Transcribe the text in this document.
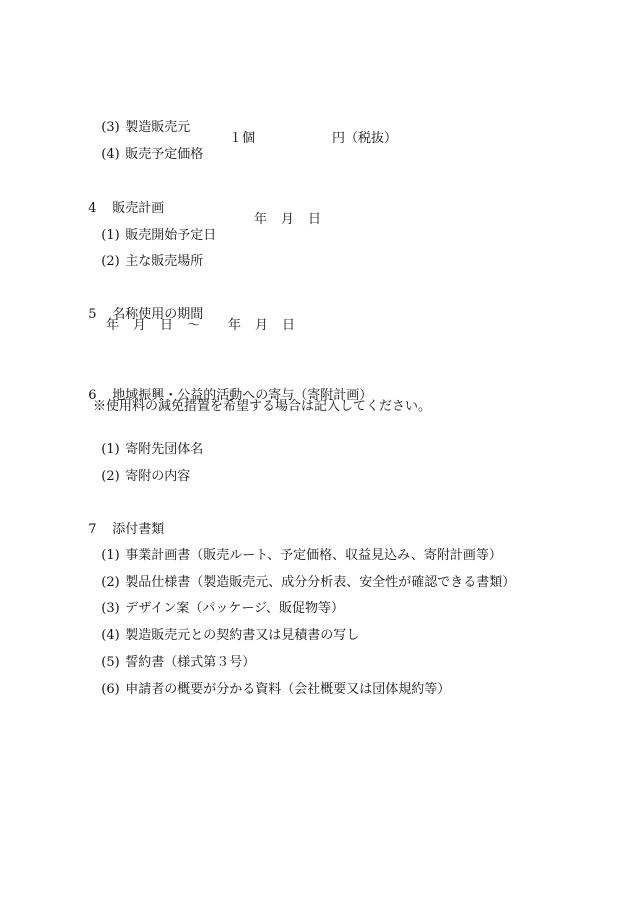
(3) 製造販売元

(4) 販売予定価格

１個	円（税抜）

4 販売計画

(1) 販売開始予定日

年 月 日

(2) 主な販売場所

5 名称使用の期間

年 月 日 〜 年 月 日

6 地域振興・公益的活動への寄与（寄附計画）

※使用料の減免措置を希望する場合は記入してください。

(1) 寄附先団体名

(2) 寄附の内容

7 添付書類

(1) 事業計画書（販売ルート、予定価格、収益見込み、寄附計画等）

(2) 製品仕様書（製造販売元、成分分析表、安全性が確認できる書類）

(3) デザイン案（パッケージ、販促物等）

(4) 製造販売元との契約書又は見積書の写し

(5) 誓約書（様式第３号）

(6) 申請者の概要が分かる資料（会社概要又は団体規約等）
